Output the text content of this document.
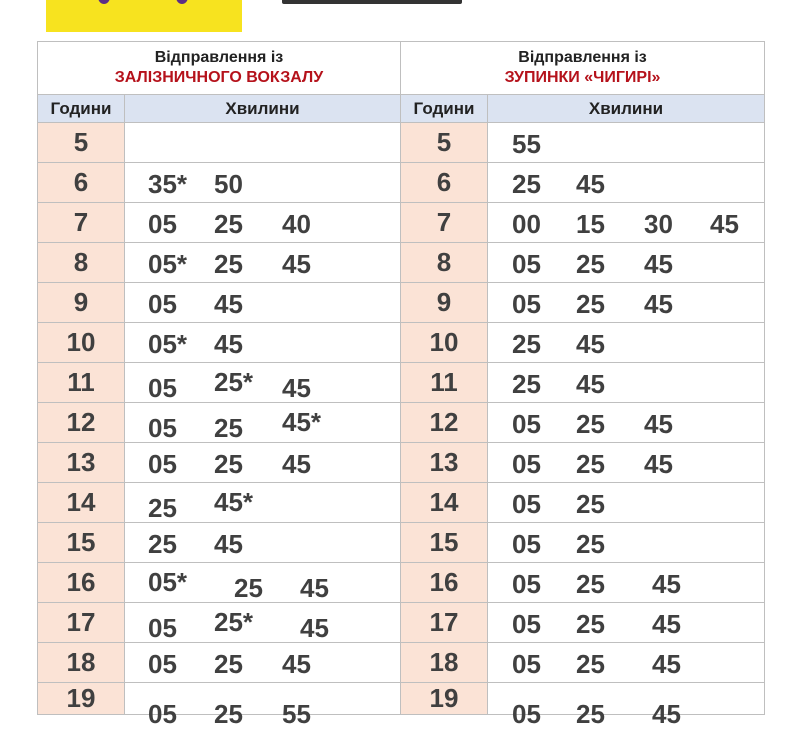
Відправлення із
ЗАЛІЗНИЧНОГО ВОКЗАЛУ		Відправлення із
ЗУПИНКИ «ЧИГИРІ»	

Години	Хвилини	Години	Хвилини
5		5	55

6	35* 50	6	25 45

7	05 25 40	7	00 15 30 45

8	05* 25 45	8	05 25 45

9	05 45	9	05 25 45

10	05* 45	10	25 45

11	05 25* 45	11	25 45

12	05 25 45*	12	05 25 45

13	05 25 45	13	05 25 45

14	25 45*	14	05 25

15	25 45	15	05 25

16	05* 25 45	16	05 25 45

17	05 25* 45	17	05 25 45

18	05 25 45	18	05 25 45

19	05 25 55	19	05 25 45
